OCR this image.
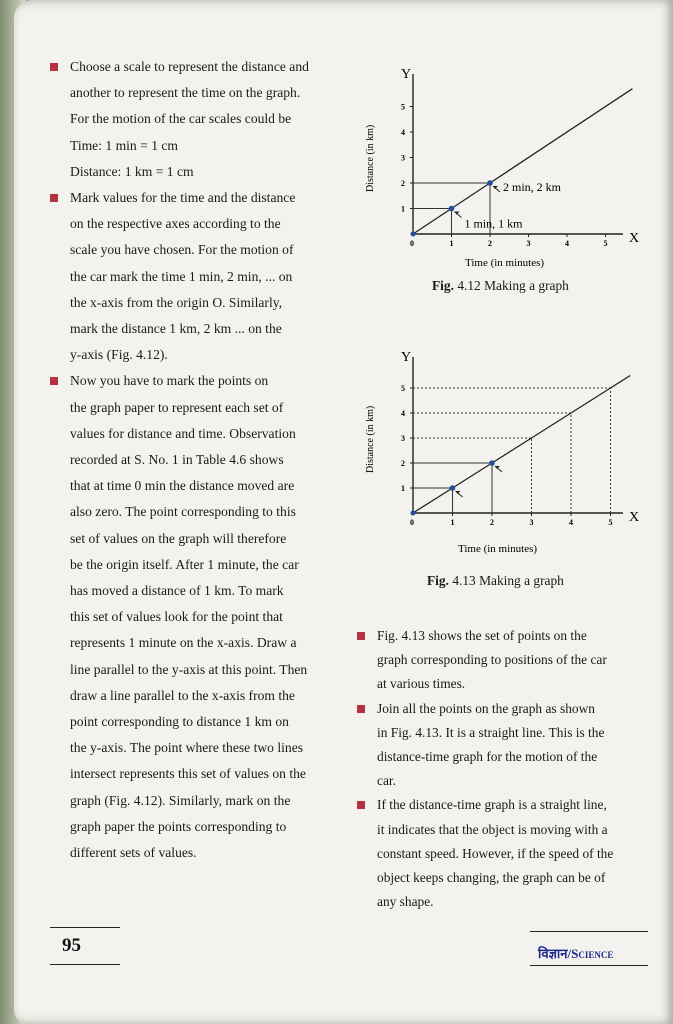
Choose a scale to represent the distance and
another to represent the time on the graph.
For the motion of the car scales could be
Time: 1 min = 1 cm
Distance: 1 km = 1 cm
Mark values for the time and the distance
on the respective axes according to the
scale you have chosen. For the motion of
the car mark the time 1 min, 2 min, ... on
the x-axis from the origin O. Similarly,
mark the distance 1 km, 2 km ... on the
y-axis (Fig. 4.12).
Now you have to mark the points on
the graph paper to represent each set of
values for distance and time. Observation
recorded at S. No. 1 in Table 4.6 shows
that at time 0 min the distance moved are
also zero. The point corresponding to this
set of values on the graph will therefore
be the origin itself. After 1 minute, the car
has moved a distance of 1 km. To mark
this set of values look for the point that
represents 1 minute on the x-axis. Draw a
line parallel to the y-axis at this point. Then
draw a line parallel to the x-axis from the
point corresponding to distance 1 km on
the y-axis. The point where these two lines
intersect represents this set of values on the
graph (Fig. 4.12). Similarly, mark on the
graph paper the points corresponding to
different sets of values.
X
Y
0	1	2	3	4	5
1
2
3
4
5
Time (in minutes)
Distance (in km)
1 min, 1 km
2 min, 2 km
Fig. 4.12 Making a graph
X
Y
0	1	2	3	4	5
1
2
3
4
5
Time (in minutes)
Distance (in km)
Fig. 4.13 Making a graph
Fig. 4.13 shows the set of points on the
graph corresponding to positions of the car
at various times.
Join all the points on the graph as shown
in Fig. 4.13. It is a straight line. This is the
distance-time graph for the motion of the
car.
If the distance-time graph is a straight line,
it indicates that the object is moving with a
constant speed. However, if the speed of the
object keeps changing, the graph can be of
any shape.
95	विज्ञान/Science
